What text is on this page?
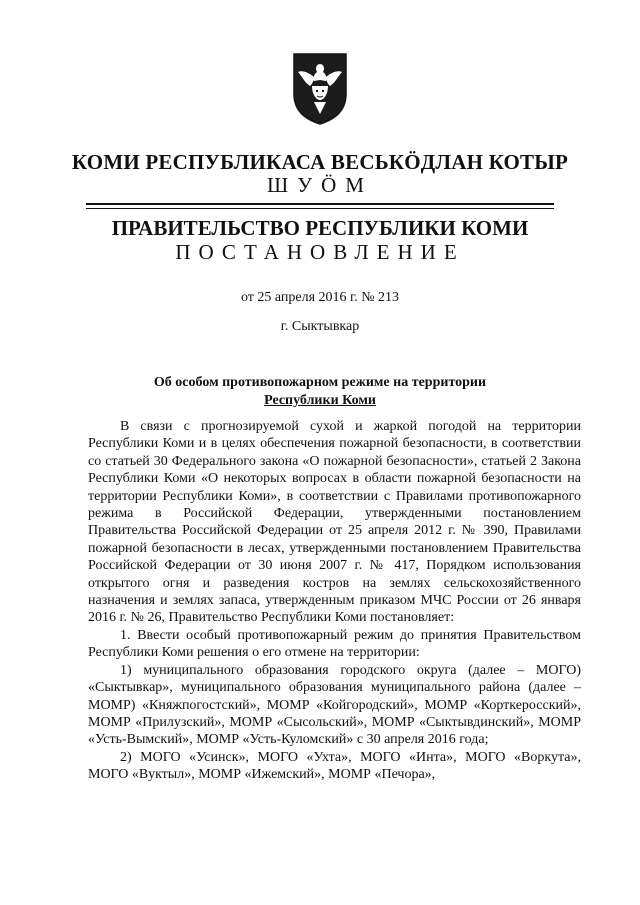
КОМИ РЕСПУБЛИКАСА ВЕСЬКÖДЛАН КОТЫР
ШУÖМ
ПРАВИТЕЛЬСТВО РЕСПУБЛИКИ КОМИ
ПОСТАНОВЛЕНИЕ
от 25 апреля 2016 г. № 213
г. Сыктывкар
Об особом противопожарном режиме на территории
Республики Коми

В связи с прогнозируемой сухой и жаркой погодой на территории Республики Коми и в целях обеспечения пожарной безопасности, в соответствии со статьей 30 Федерального закона «О пожарной безопасности», статьей 2 Закона Республики Коми «О некоторых вопросах в области пожарной безопасности на территории Республики Коми», в соответствии с Правилами противопожарного режима в Российской Федерации, утвержденными постановлением Правительства Российской Федерации от 25 апреля 2012 г. № 390, Правилами пожарной безопасности в лесах, утвержденными постановлением Правительства Российской Федерации от 30 июня 2007 г. № 417, Порядком использования открытого огня и разведения костров на землях сельскохозяйственного назначения и землях запаса, утвержденным приказом МЧС России от 26 января 2016 г. № 26, Правительство Республики Коми постановляет:

1. Ввести особый противопожарный режим до принятия Правительством Республики Коми решения о его отмене на территории:

1) муниципального образования городского округа (далее – МОГО) «Сыктывкар», муниципального образования муниципального района (далее – МОМР) «Княжпогостский», МОМР «Койгородский», МОМР «Корткеросский», МОМР «Прилузский», МОМР «Сысольский», МОМР «Сыктывдинский», МОМР «Усть-Вымский», МОМР «Усть-Куломский» с 30 апреля 2016 года;

2) МОГО «Усинск», МОГО «Ухта», МОГО «Инта», МОГО «Воркута», МОГО «Вуктыл», МОМР «Ижемский», МОМР «Печора»,
